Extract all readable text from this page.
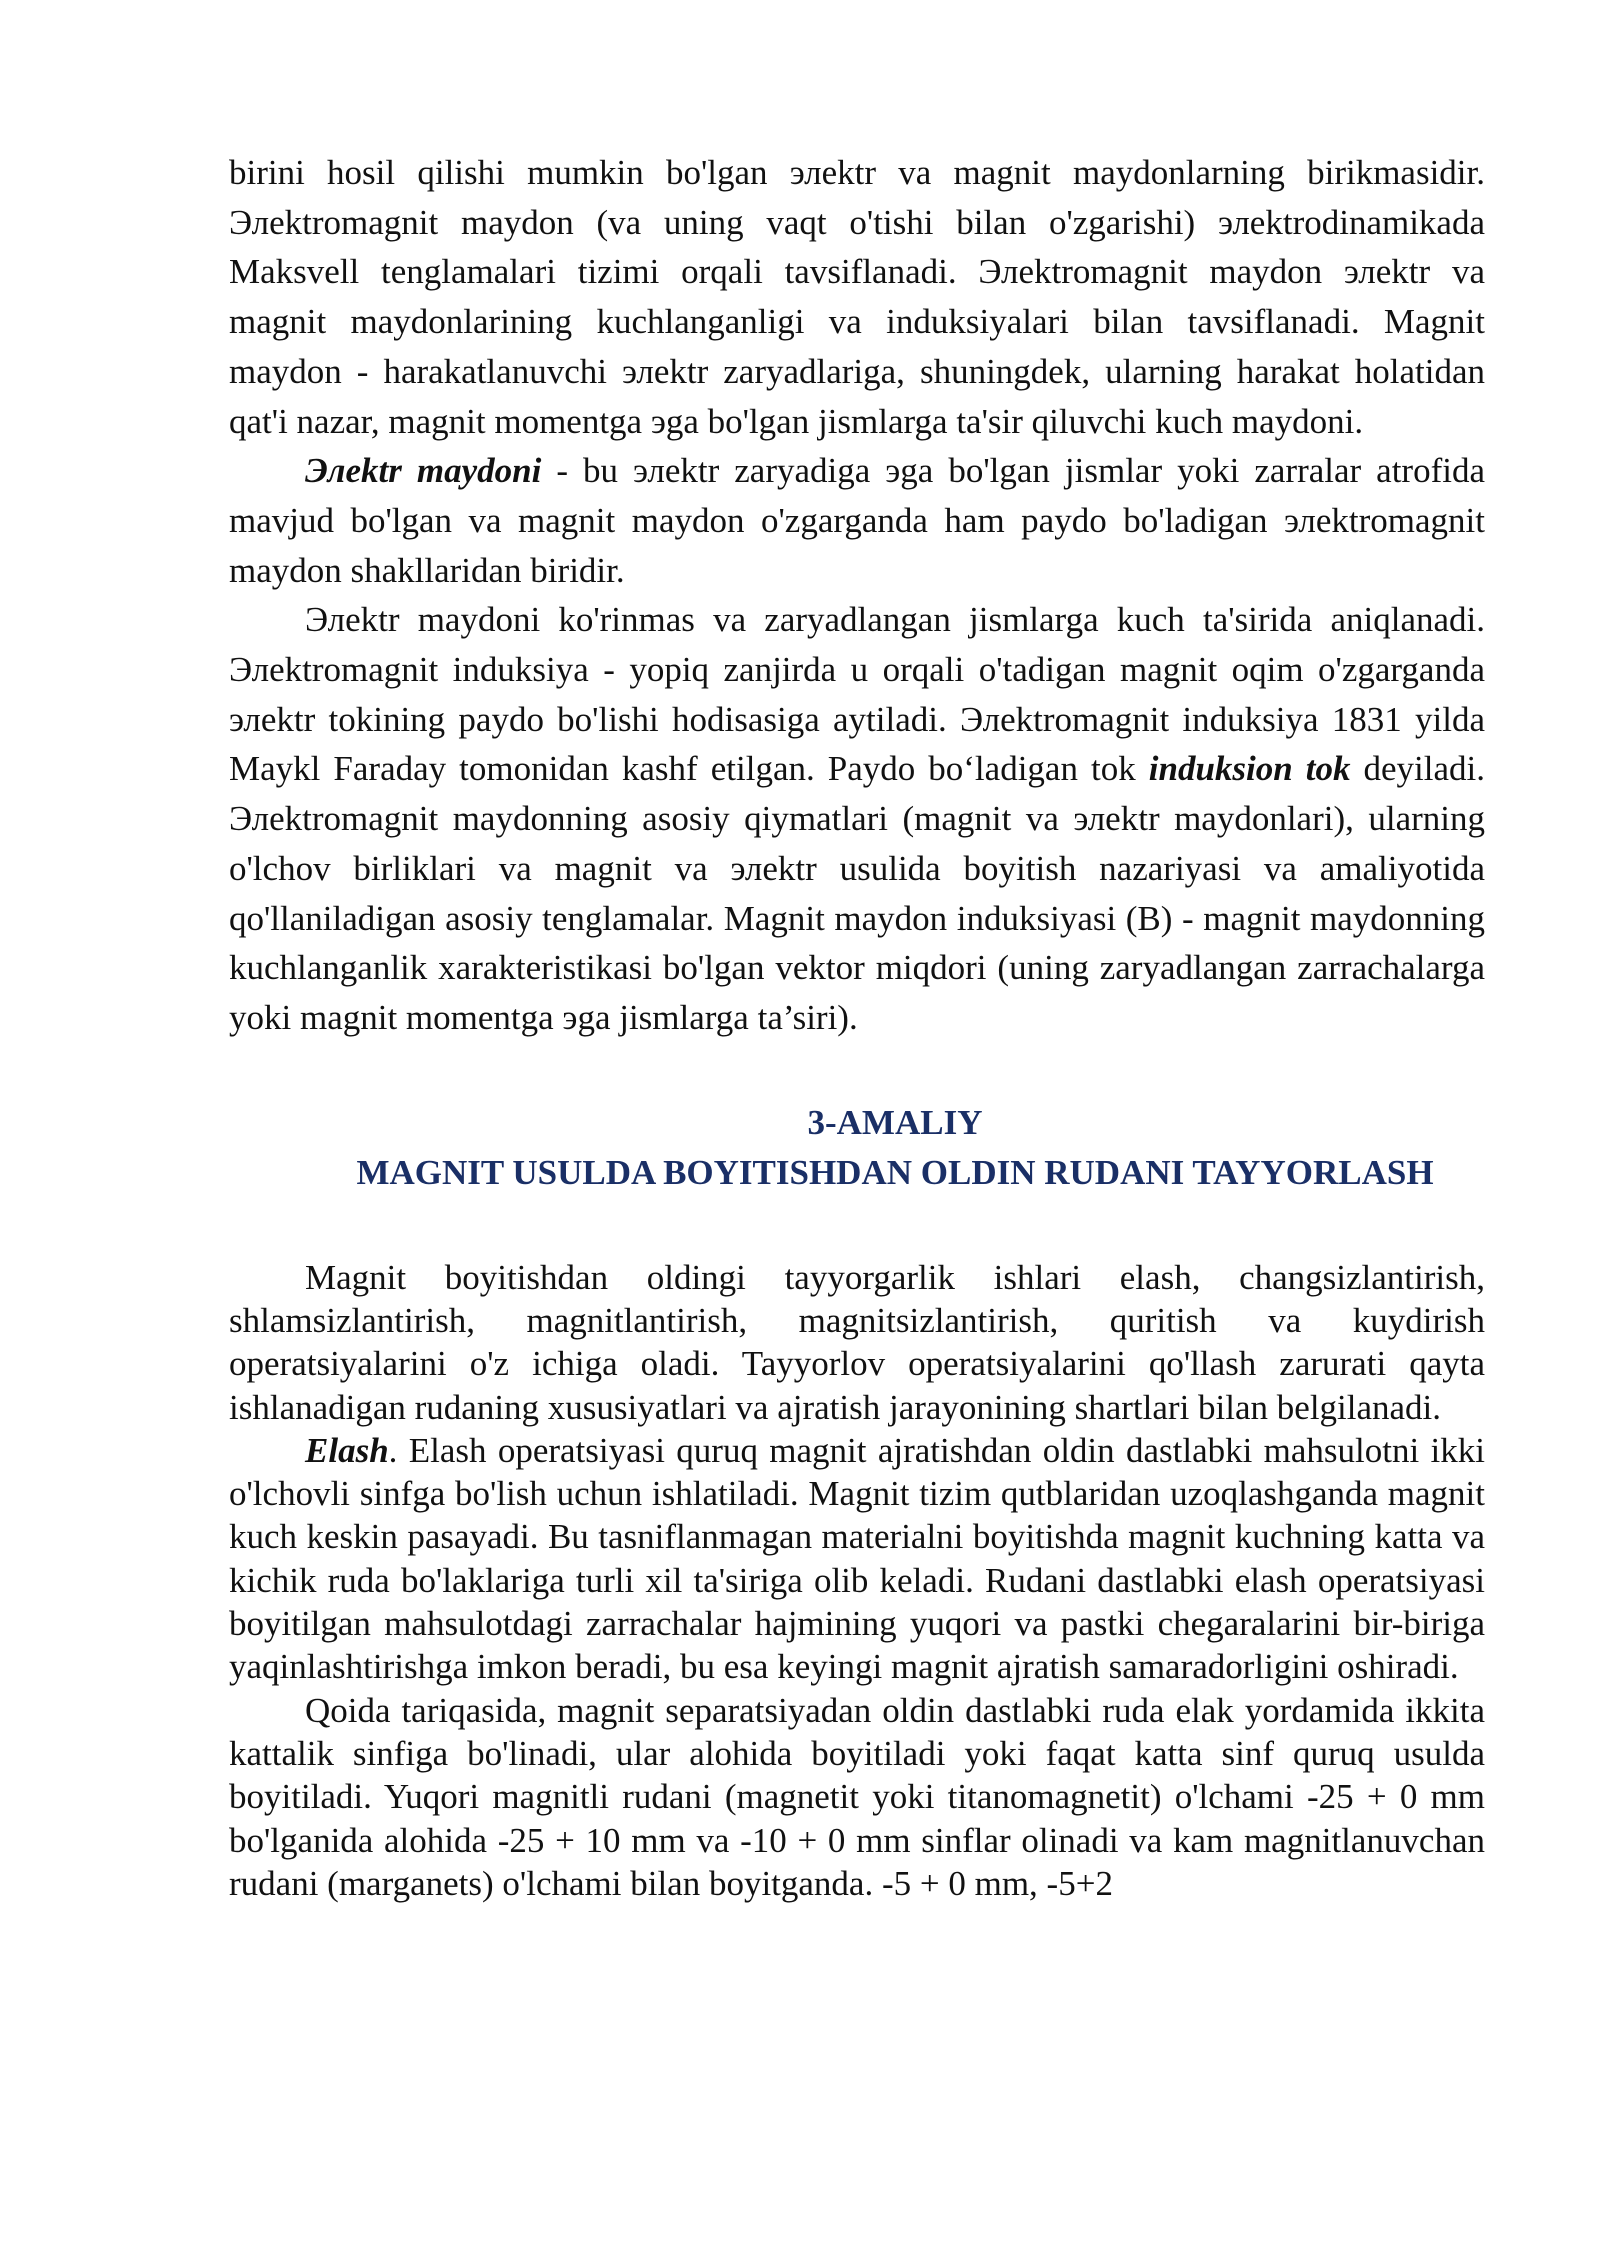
birini hosil qilishi mumkin bo'lgan элektr va magnit maydonlarning birikmasidir. Элektromagnit maydon (va uning vaqt o'tishi bilan o'zgarishi) элektrodinamikada Maksvell tenglamalari tizimi orqali tavsiflanadi. Элektromagnit maydon элektr va magnit maydonlarining kuchlanganligi va induksiyalari bilan tavsiflanadi. Magnit maydon - harakatlanuvchi элektr zaryadlariga, shuningdek, ularning harakat holatidan qat'i nazar, magnit momentga эga bo'lgan jismlarga ta'sir qiluvchi kuch maydoni.

Элektr maydoni - bu элektr zaryadiga эga bo'lgan jismlar yoki zarralar atrofida mavjud bo'lgan va magnit maydon o'zgarganda ham paydo bo'ladigan элektromagnit maydon shakllaridan biridir.

Элektr maydoni ko'rinmas va zaryadlangan jismlarga kuch ta'sirida aniqlanadi. Элektromagnit induksiya - yopiq zanjirda u orqali o'tadigan magnit oqim o'zgarganda элektr tokining paydo bo'lishi hodisasiga aytiladi. Элektromagnit induksiya 1831 yilda Maykl Faraday tomonidan kashf etilgan. Paydo bo‘ladigan tok induksion tok deyiladi. Элektromagnit maydonning asosiy qiymatlari (magnit va элektr maydonlari), ularning o'lchov birliklari va magnit va элektr usulida boyitish nazariyasi va amaliyotida qo'llaniladigan asosiy tenglamalar. Magnit maydon induksiyasi (B) - magnit maydonning kuchlanganlik xarakteristikasi bo'lgan vektor miqdori (uning zaryadlangan zarrachalarga yoki magnit momentga эga jismlarga ta’siri).

3-AMALIY
MAGNIT USULDA BOYITISHDAN OLDIN RUDANI TAYYORLASH

Magnit boyitishdan oldingi tayyorgarlik ishlari elash, changsizlantirish, shlamsizlantirish, magnitlantirish, magnitsizlantirish, quritish va kuydirish operatsiyalarini o'z ichiga oladi. Tayyorlov operatsiyalarini qo'llash zarurati qayta ishlanadigan rudaning xususiyatlari va ajratish jarayonining shartlari bilan belgilanadi.

Elash. Elash operatsiyasi quruq magnit ajratishdan oldin dastlabki mahsulotni ikki o'lchovli sinfga bo'lish uchun ishlatiladi. Magnit tizim qutblaridan uzoqlashganda magnit kuch keskin pasayadi. Bu tasniflanmagan materialni boyitishda magnit kuchning katta va kichik ruda bo'laklariga turli xil ta'siriga olib keladi. Rudani dastlabki elash operatsiyasi boyitilgan mahsulotdagi zarrachalar hajmining yuqori va pastki chegaralarini bir-biriga yaqinlashtirishga imkon beradi, bu esa keyingi magnit ajratish samaradorligini oshiradi.

Qoida tariqasida, magnit separatsiyadan oldin dastlabki ruda elak yordamida ikkita kattalik sinfiga bo'linadi, ular alohida boyitiladi yoki faqat katta sinf quruq usulda boyitiladi. Yuqori magnitli rudani (magnetit yoki titanomagnetit) o'lchami -25 + 0 mm bo'lganida alohida -25 + 10 mm va -10 + 0 mm sinflar olinadi va kam magnitlanuvchan rudani (marganets) o'lchami bilan boyitganda. -5 + 0 mm, -5+2
